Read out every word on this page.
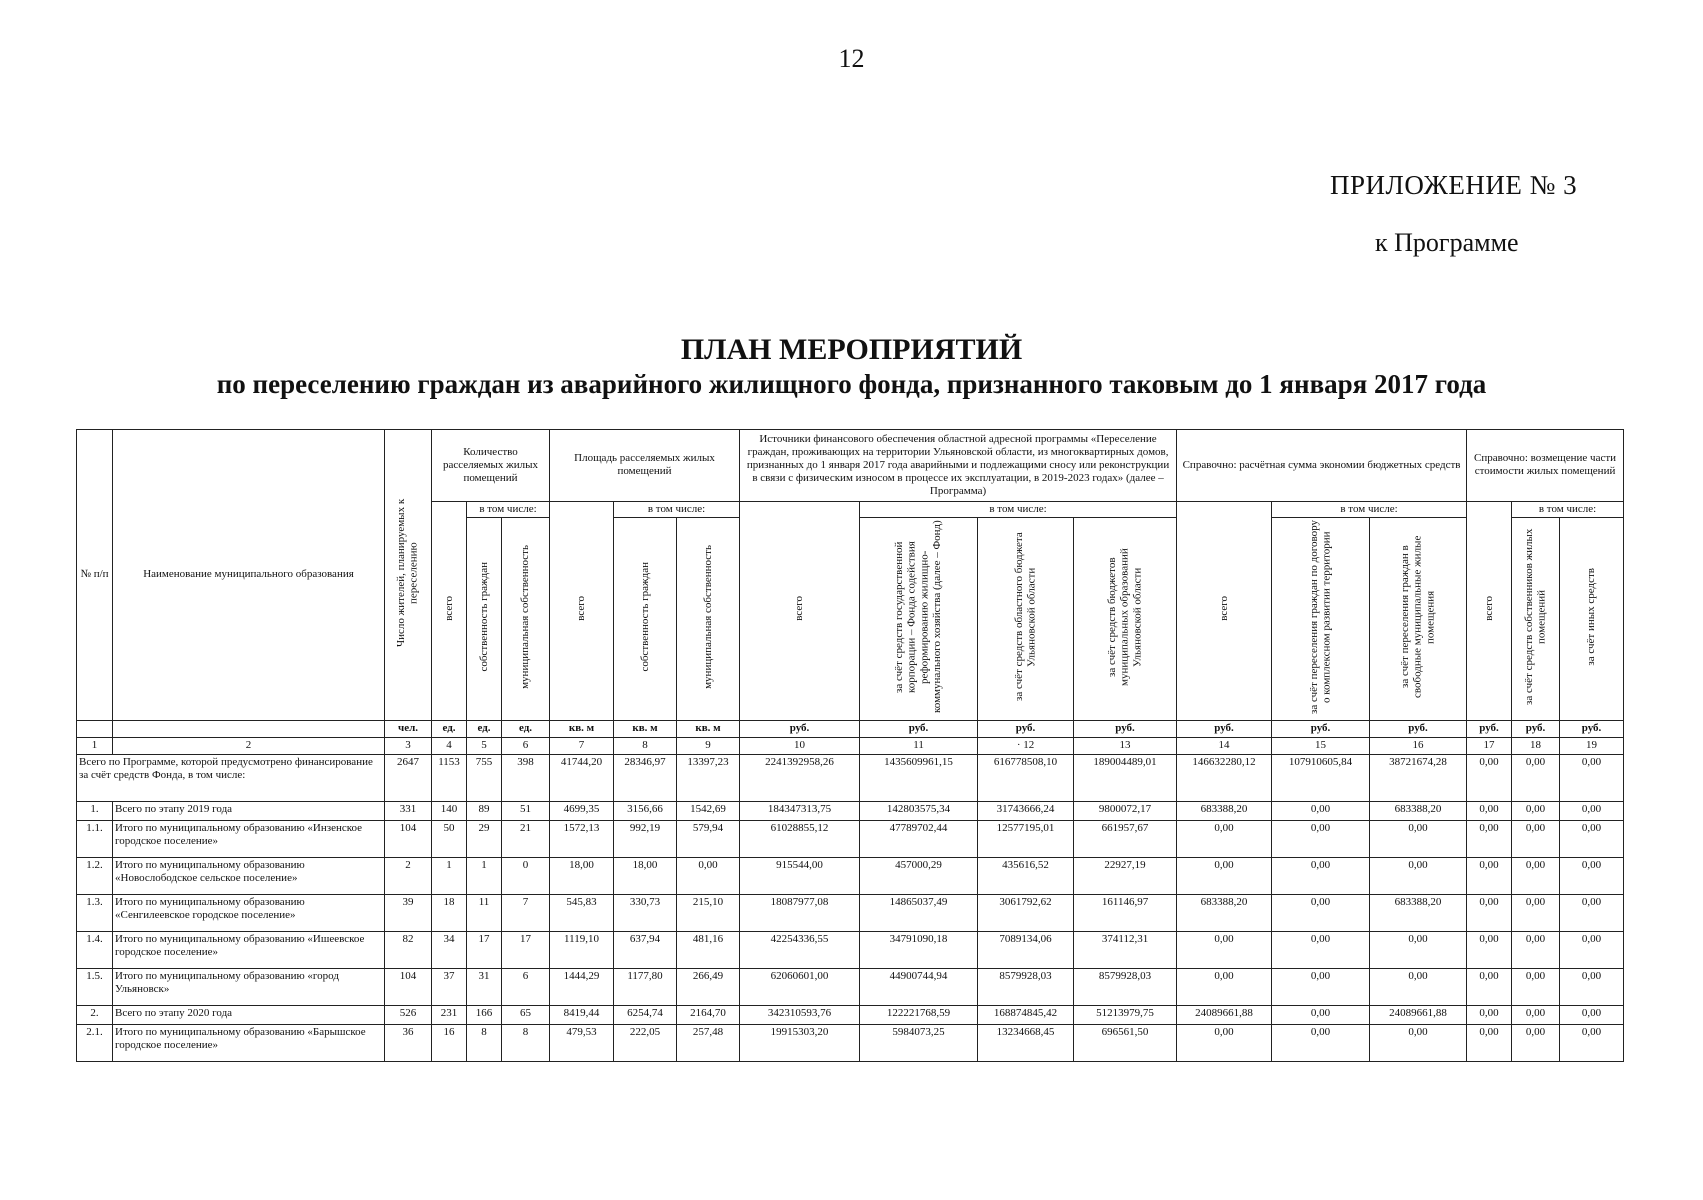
12
ПРИЛОЖЕНИЕ № 3
к Программе
ПЛАН МЕРОПРИЯТИЙ
по переселению граждан из аварийного жилищного фонда, признанного таковым до 1 января 2017 года
№ п/п	Наименование муниципального образования	Число жителей, планируемых к переселению	Количество расселяемых жилых помещений			Площадь расселяемых жилых помещений			Источники финансового обеспечения областной адресной программы «Переселение граждан, проживающих на территории Ульяновской области, из многоквартирных домов, признанных до 1 января 2017 года аварийными и подлежащими сносу или реконструкции в связи с физическим износом в процессе их эксплуатации, в 2019-2023 годах» (далее – Программа)				Справочно: расчётная сумма экономии бюджетных средств			Справочно: возмещение части стоимости жилых помещений		
			всего	в том числе:		всего	в том числе:		всего	в том числе:			всего	в том числе:		всего	в том числе:	
				собственность граждан	муниципальная собственность		собственность граждан	муниципальная собственность		за счёт средств государственной корпорации – Фонда содействия реформированию жилищно-коммунального хозяйства (далее – Фонд)	за счёт средств областного бюджета Ульяновской области	за счёт средств бюджетов муниципальных образований Ульяновской области		за счёт переселения граждан по договору о комплексном развитии территории	за счёт переселения граждан в свободные муниципальные жилые помещения		за счёт средств собственников жилых помещений	за счёт иных средств
		чел.	ед.	ед.	ед.	кв. м	кв. м	кв. м	руб.	руб.	руб.	руб.	руб.	руб.	руб.	руб.	руб.	руб.
1	2	3	4	5	6	7	8	9	10	11	· 12	13	14	15	16	17	18	19
Всего по Программе, которой предусмотрено финансирование за счёт средств Фонда, в том числе:		2647	1153	755	398	41744,20	28346,97	13397,23	2241392958,26	1435609961,15	616778508,10	189004489,01	146632280,12	107910605,84	38721674,28	0,00	0,00	0,00
1.	Всего по этапу 2019 года	331	140	89	51	4699,35	3156,66	1542,69	184347313,75	142803575,34	31743666,24	9800072,17	683388,20	0,00	683388,20	0,00	0,00	0,00
1.1.	Итого по муниципальному образованию «Инзенское городское поселение»	104	50	29	21	1572,13	992,19	579,94	61028855,12	47789702,44	12577195,01	661957,67	0,00	0,00	0,00	0,00	0,00	0,00
1.2.	Итого по муниципальному образованию «Новослободское сельское поселение»	2	1	1	0	18,00	18,00	0,00	915544,00	457000,29	435616,52	22927,19	0,00	0,00	0,00	0,00	0,00	0,00
1.3.	Итого по муниципальному образованию «Сенгилеевское городское поселение»	39	18	11	7	545,83	330,73	215,10	18087977,08	14865037,49	3061792,62	161146,97	683388,20	0,00	683388,20	0,00	0,00	0,00
1.4.	Итого по муниципальному образованию «Ишеевское городское поселение»	82	34	17	17	1119,10	637,94	481,16	42254336,55	34791090,18	7089134,06	374112,31	0,00	0,00	0,00	0,00	0,00	0,00
1.5.	Итого по муниципальному образованию «город Ульяновск»	104	37	31	6	1444,29	1177,80	266,49	62060601,00	44900744,94	8579928,03	8579928,03	0,00	0,00	0,00	0,00	0,00	0,00
2.	Всего по этапу 2020 года	526	231	166	65	8419,44	6254,74	2164,70	342310593,76	122221768,59	168874845,42	51213979,75	24089661,88	0,00	24089661,88	0,00	0,00	0,00
2.1.	Итого по муниципальному образованию «Барышское городское поселение»	36	16	8	8	479,53	222,05	257,48	19915303,20	5984073,25	13234668,45	696561,50	0,00	0,00	0,00	0,00	0,00	0,00
